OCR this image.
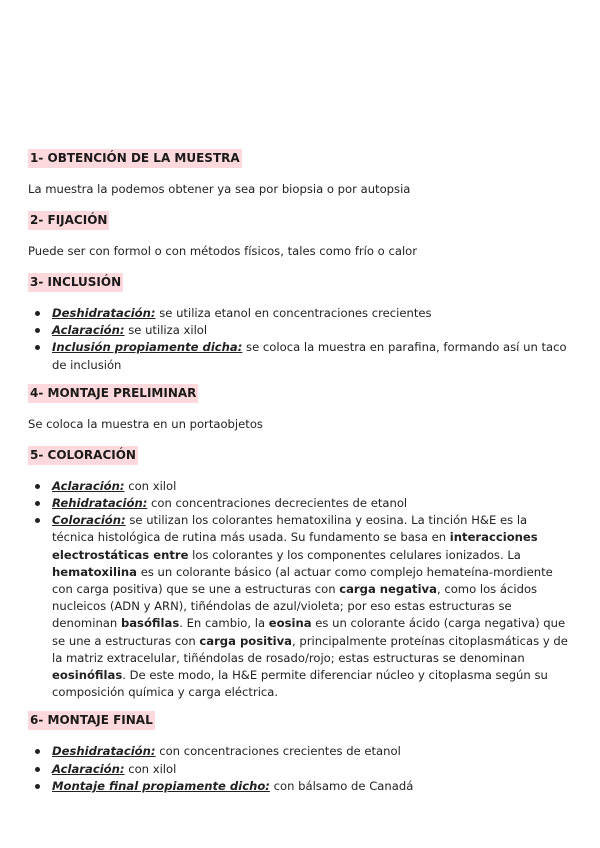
1- OBTENCIÓN DE LA MUESTRA

La muestra la podemos obtener ya sea por biopsia o por autopsia

2- FIJACIÓN

Puede ser con formol o con métodos físicos, tales como frío o calor

3- INCLUSIÓN
Deshidratación: se utiliza etanol en concentraciones crecientes
Aclaración: se utiliza xilol
Inclusión propiamente dicha: se coloca la muestra en parafina, formando así un taco de inclusión
4- MONTAJE PRELIMINAR

Se coloca la muestra en un portaobjetos

5- COLORACIÓN
Aclaración: con xilol
Rehidratación: con concentraciones decrecientes de etanol
Coloración: se utilizan los colorantes hematoxilina y eosina. La tinción H&E es la técnica histológica de rutina más usada. Su fundamento se basa en interacciones electrostáticas entre los colorantes y los componentes celulares ionizados. La hematoxilina es un colorante básico (al actuar como complejo hemateína-mordiente con carga positiva) que se une a estructuras con carga negativa, como los ácidos nucleicos (ADN y ARN), tiñéndolas de azul/violeta; por eso estas estructuras se denominan basófilas. En cambio, la eosina es un colorante ácido (carga negativa) que se une a estructuras con carga positiva, principalmente proteínas citoplasmáticas y de la matriz extracelular, tiñéndolas de rosado/rojo; estas estructuras se denominan eosinófilas. De este modo, la H&E permite diferenciar núcleo y citoplasma según su composición química y carga eléctrica.
6- MONTAJE FINAL
Deshidratación: con concentraciones crecientes de etanol
Aclaración: con xilol
Montaje final propiamente dicho: con bálsamo de Canadá
